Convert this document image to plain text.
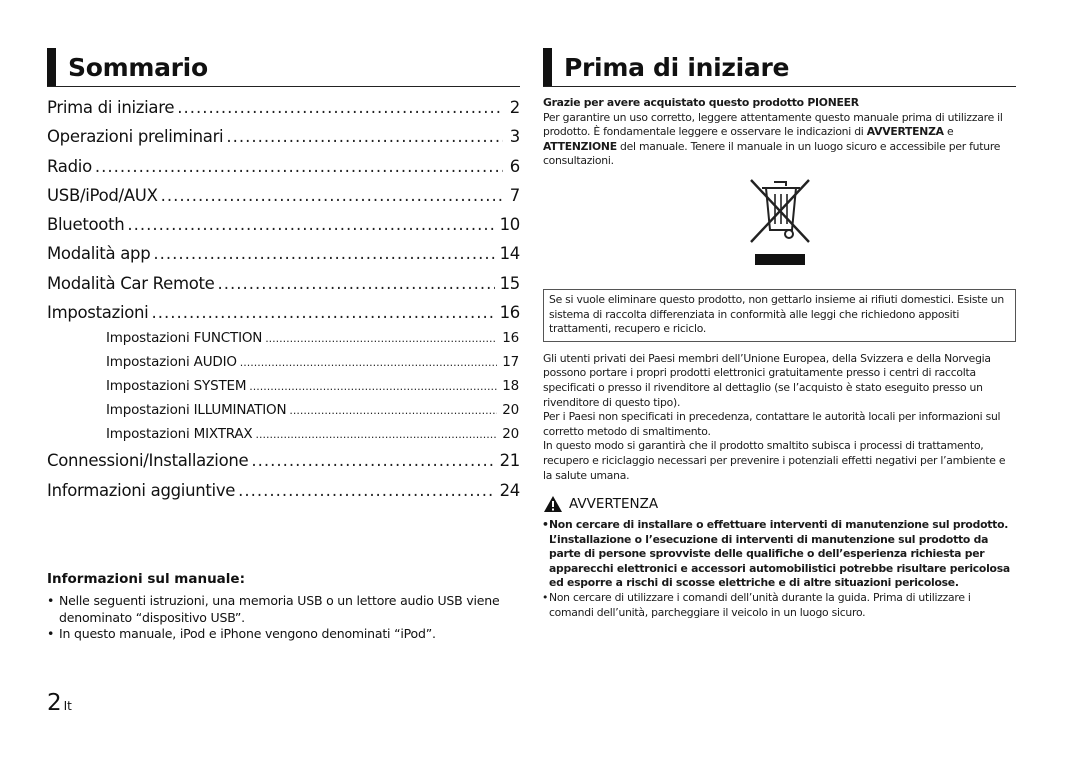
Sommario
Prima di iniziare .....	2
Operazioni preliminari .....	3
Radio .....	6
USB/iPod/AUX .....	7
Bluetooth .....	10
Modalità app .....	14
Modalità Car Remote .....	15
Impostazioni .....	16
Impostazioni FUNCTION .....	16
Impostazioni AUDIO .....	17
Impostazioni SYSTEM .....	18
Impostazioni ILLUMINATION .....	20
Impostazioni MIXTRAX .....	20
Connessioni/Installazione .....	21
Informazioni aggiuntive .....	24
Informazioni sul manuale:
• Nelle seguenti istruzioni, una memoria USB o un lettore audio USB viene denominato “dispositivo USB”.
• In questo manuale, iPod e iPhone vengono denominati “iPod”.
2 It
Prima di iniziare

Grazie per avere acquistato questo prodotto PIONEER
Per garantire un uso corretto, leggere attentamente questo manuale prima di utilizzare il prodotto. È fondamentale leggere e osservare le indicazioni di AVVERTENZA e ATTENZIONE del manuale. Tenere il manuale in un luogo sicuro e accessibile per future consultazioni.

Se si vuole eliminare questo prodotto, non gettarlo insieme ai rifiuti domestici. Esiste un sistema di raccolta differenziata in conformità alle leggi che richiedono appositi trattamenti, recupero e riciclo.

Gli utenti privati dei Paesi membri dell’Unione Europea, della Svizzera e della Norvegia possono portare i propri prodotti elettronici gratuitamente presso i centri di raccolta specificati o presso il rivenditore al dettaglio (se l’acquisto è stato eseguito presso un rivenditore di questo tipo).

Per i Paesi non specificati in precedenza, contattare le autorità locali per informazioni sul corretto metodo di smaltimento.

In questo modo si garantirà che il prodotto smaltito subisca i processi di trattamento, recupero e riciclaggio necessari per prevenire i potenziali effetti negativi per l’ambiente e la salute umana.

AVVERTENZA
• Non cercare di installare o effettuare interventi di manutenzione sul prodotto. L’installazione o l’esecuzione di interventi di manutenzione sul prodotto da parte di persone sprovviste delle qualifiche o dell’esperienza richiesta per apparecchi elettronici e accessori automobilistici potrebbe risultare pericolosa ed esporre a rischi di scosse elettriche e di altre situazioni pericolose.
• Non cercare di utilizzare i comandi dell’unità durante la guida. Prima di utilizzare i comandi dell’unità, parcheggiare il veicolo in un luogo sicuro.
